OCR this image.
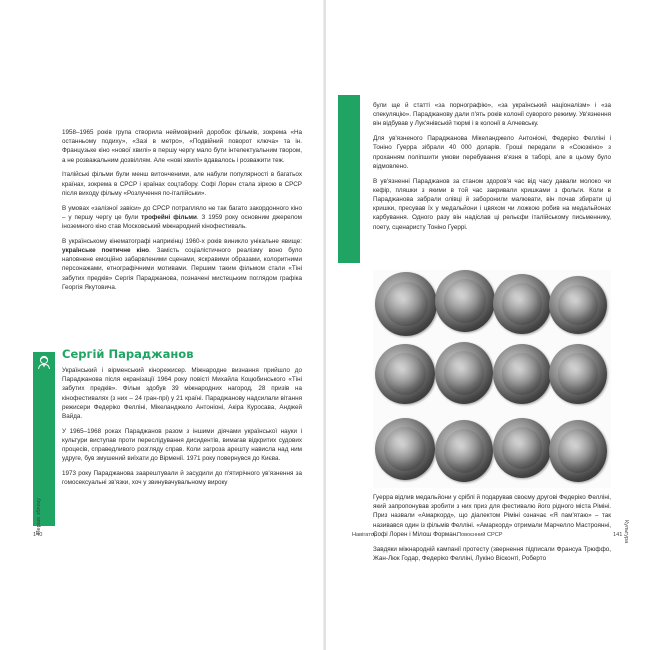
1958–1965 років група створила неймовірний доробок фільмів, зокрема «На останньому подиху», «Зазі в метро», «Подвійний поворот ключа» та ін. Французьке кіно «нової хвилі» в першу чергу мало бути інтелектуальним твором, а не розважальним дозвіллям. Але «нові хвилі» вдавалось і розважити теж.

Італійські фільми були менш витонченими, але набули популярності в багатьох країнах, зокрема в СРСР і країнах соцтабору. Софі Лорен стала зіркою в СРСР після виходу фільму «Розлучення по-італійськи».

В умовах «залізної завіси» до СРСР потрапляло не так багато закордонного кіно – у першу чергу це були трофейні фільми. З 1959 року основним джерелом іноземного кіно став Московський міжнародний кінофестиваль.

В українському кінематографі наприкінці 1960-х років виникло унікальне явище: українське поетичне кіно. Замість соціалістичного реалізму воно було наповнене емоційно забарвленими сценами, яскравими образами, колоритними персонажами, етнографічними мотивами. Першим таким фільмом стали «Тіні забутих предків» Сергія Параджанова, позначені мистецьким поглядом графіка Георгія Якутовича.

Сергій Параджанов

Український і вірменський кінорежисер. Міжнародне визнання прийшло до Параджанова після екранізації 1964 року повісті Михайла Коцюбинського «Тіні забутих предків». Фільм здобув 39 міжнародних нагород, 28 призів на кінофестивалях (з них – 24 гран-прі) у 21 країні. Параджанову надсилали вітання режисери Федеріко Фелліні, Мікеланджело Антоніоні, Акіра Куросава, Анджей Вайда.

У 1965–1968 роках Параджанов разом з іншими діячами української науки і культури виступав проти переслідування дисидентів, вимагав відкритих судових процесів, справедливого розгляду справ. Коли загроза арешту нависла над ним удруге, був змушений виїхати до Вірменії. 1971 року повернувся до Києва.

1973 року Параджанова заарештували й засудили до п'ятирічного ув'язнення за гомосексуальні зв'язки, хоч у звинувачувальному вироку

Перше зблизу
140

були ще й статті «за порнографію», «за український націоналізм» і «за спекуляцію». Параджанову дали п'ять років колонії суворого режиму. Ув'язнення він відбував у Лук'янівській тюрмі і в колонії в Алчевську.

Для ув'язненого Параджанова Мікеланджело Антоніоні, Федеріко Фелліні і Тоніно Гуерра зібрали 40 000 доларів. Гроші передали в «Союзкіно» з проханням поліпшити умови перебування в'язня в таборі, але в цьому було відмовлено.

В ув'язненні Параджанов за станом здоров'я час від часу давали молоко чи кефір, пляшки з якими в той час закривали кришками з фольги. Коли в Параджанова забрали олівці й заборонили малювати, він почав збирати ці кришки, пресував їх у медальйони і цвяхом чи ложкою робив на медальйонах карбування. Одного разу він надіслав ці рельєфи італійському письменнику, поету, сценаристу Тоніно Гуеррі.

Гуерра відлив медальйони у сріблі й подарував своєму другові Федеріко Фелліні, який запропонував зробити з них приз для фестивалю його рідного міста Ріміні. Приз назвали «Амаркорд», що діалектом Ріміні означає «Я пам'ятаю» – так називався один із фільмів Фелліні. «Амаркорд» отримали Марчелло Мастроянні, Софі Лорен і Мілош Форман.

Завдяки міжнародній кампанії протесту (звернення підписали Франсуа Трюффо, Жан-Люк Годар, Федеріко Фелліні, Лукіно Вісконті, Роберто

Культура
Навігатор	Повоєнний СРСР	141
